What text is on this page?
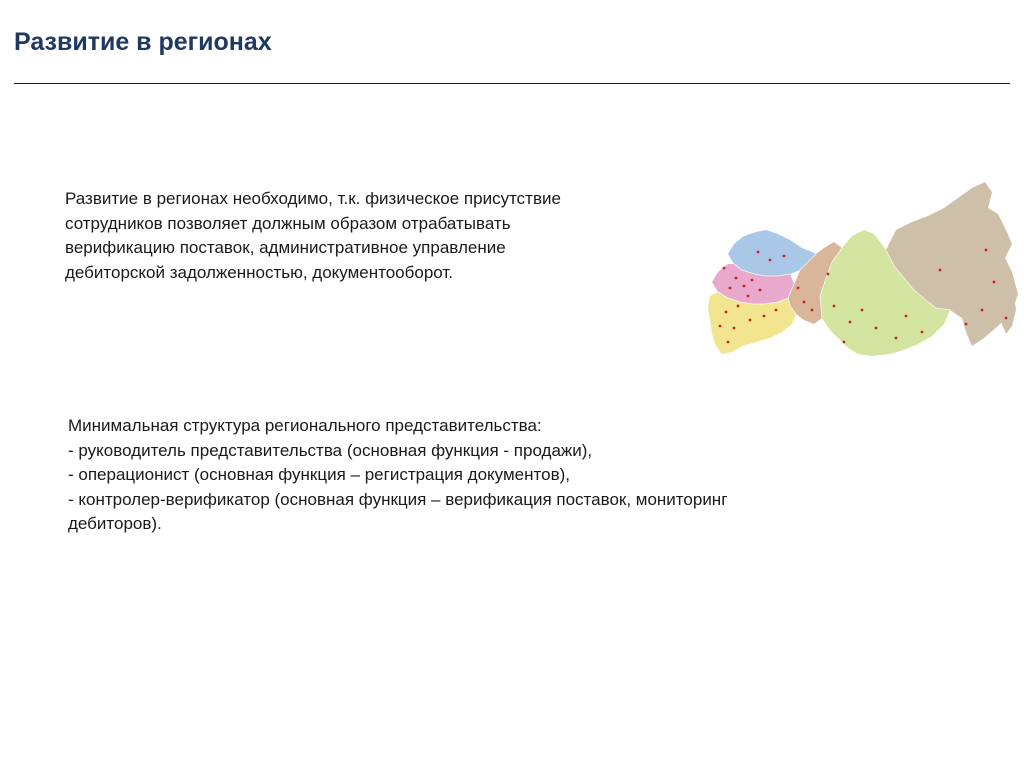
Развитие в регионах
Развитие в регионах необходимо, т.к. физическое присутствие
сотрудников позволяет должным образом отрабатывать
верификацию поставок, административное управление
дебиторской задолженностью, документооборот.
Минимальная структура регионального представительства:
- руководитель представительства (основная функция - продажи),
- операционист (основная функция – регистрация документов),
- контролер-верификатор (основная функция – верификация поставок, мониторинг
дебиторов).
